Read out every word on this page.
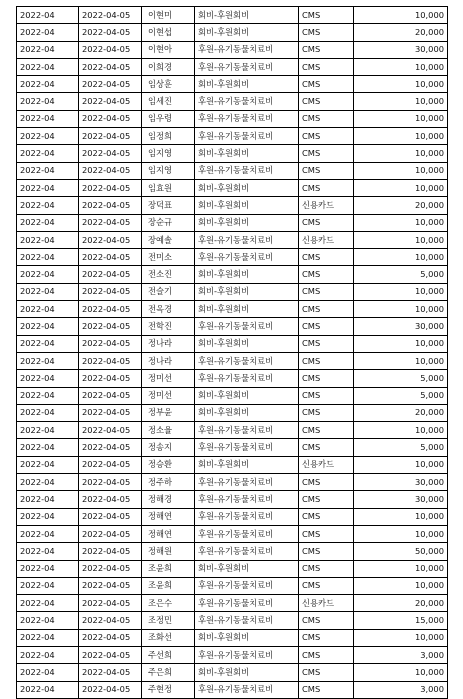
2022-04	2022-04-05	이현미	회비-후원회비	CMS	10,000
2022-04	2022-04-05	이현섭	회비-후원회비	CMS	20,000
2022-04	2022-04-05	이현아	후원-유기동물치료비	CMS	30,000
2022-04	2022-04-05	이희경	후원-유기동물치료비	CMS	10,000
2022-04	2022-04-05	임상훈	회비-후원회비	CMS	10,000
2022-04	2022-04-05	임세진	후원-유기동물치료비	CMS	10,000
2022-04	2022-04-05	임우령	후원-유기동물치료비	CMS	10,000
2022-04	2022-04-05	임정희	후원-유기동물치료비	CMS	10,000
2022-04	2022-04-05	임지영	회비-후원회비	CMS	10,000
2022-04	2022-04-05	임지영	후원-유기동물치료비	CMS	10,000
2022-04	2022-04-05	임효원	회비-후원회비	CMS	10,000
2022-04	2022-04-05	장덕표	회비-후원회비	신용카드	20,000
2022-04	2022-04-05	장순규	회비-후원회비	CMS	10,000
2022-04	2022-04-05	장예솔	후원-유기동물치료비	신용카드	10,000
2022-04	2022-04-05	전미소	후원-유기동물치료비	CMS	10,000
2022-04	2022-04-05	전소진	회비-후원회비	CMS	5,000
2022-04	2022-04-05	전슬기	회비-후원회비	CMS	10,000
2022-04	2022-04-05	전옥경	회비-후원회비	CMS	10,000
2022-04	2022-04-05	전학진	후원-유기동물치료비	CMS	30,000
2022-04	2022-04-05	정나라	회비-후원회비	CMS	10,000
2022-04	2022-04-05	정나라	후원-유기동물치료비	CMS	10,000
2022-04	2022-04-05	정미선	후원-유기동물치료비	CMS	5,000
2022-04	2022-04-05	정미선	회비-후원회비	CMS	5,000
2022-04	2022-04-05	정부윤	회비-후원회비	CMS	20,000
2022-04	2022-04-05	정소율	후원-유기동물치료비	CMS	10,000
2022-04	2022-04-05	정송지	후원-유기동물치료비	CMS	5,000
2022-04	2022-04-05	정승환	회비-후원회비	신용카드	10,000
2022-04	2022-04-05	정주하	후원-유기동물치료비	CMS	30,000
2022-04	2022-04-05	정해경	후원-유기동물치료비	CMS	30,000
2022-04	2022-04-05	정해연	후원-유기동물치료비	CMS	10,000
2022-04	2022-04-05	정해연	후원-유기동물치료비	CMS	10,000
2022-04	2022-04-05	정해원	후원-유기동물치료비	CMS	50,000
2022-04	2022-04-05	조윤희	회비-후원회비	CMS	10,000
2022-04	2022-04-05	조윤희	후원-유기동물치료비	CMS	10,000
2022-04	2022-04-05	조은수	후원-유기동물치료비	신용카드	20,000
2022-04	2022-04-05	조정민	후원-유기동물치료비	CMS	15,000
2022-04	2022-04-05	조화선	회비-후원회비	CMS	10,000
2022-04	2022-04-05	주선희	후원-유기동물치료비	CMS	3,000
2022-04	2022-04-05	주은희	회비-후원회비	CMS	10,000
2022-04	2022-04-05	주현정	후원-유기동물치료비	CMS	3,000
